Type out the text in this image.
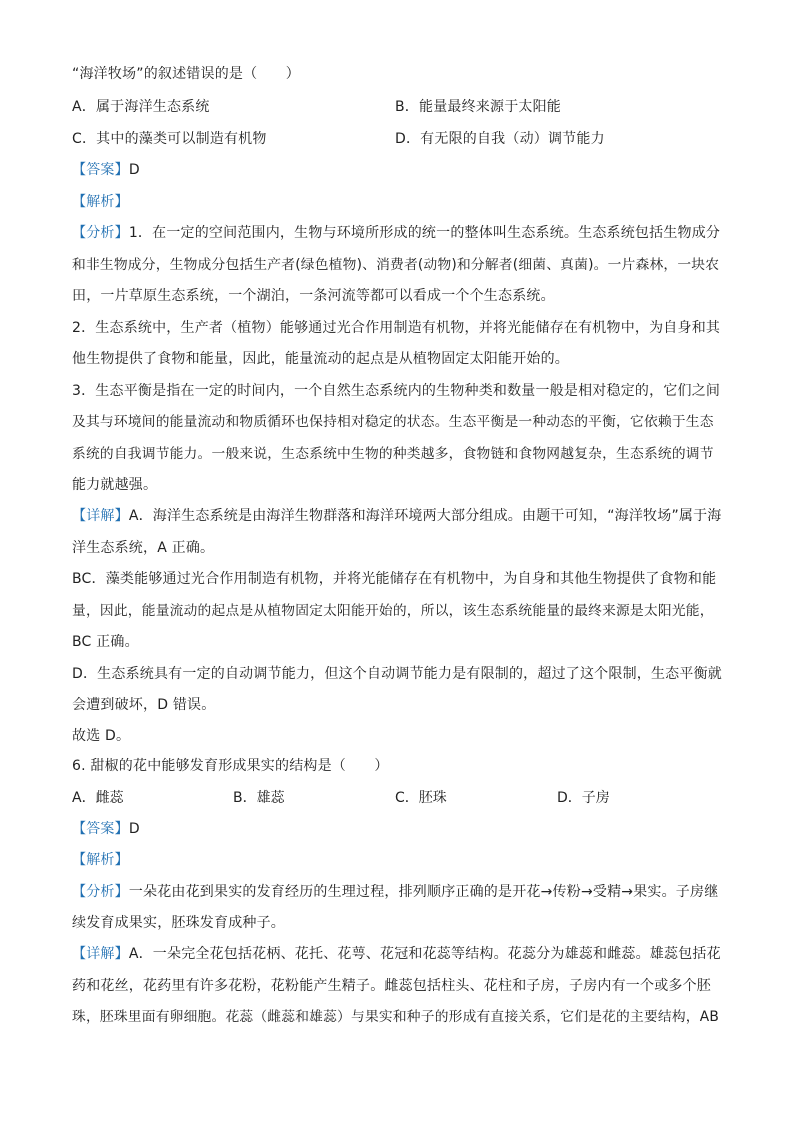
“海洋牧场”的叙述错误的是（　　）
A．属于海洋生态系统	B．能量最终来源于太阳能
C．其中的藻类可以制造有机物	D．有无限的自我（动）调节能力
【答案】D
【解析】
【分析】1．在一定的空间范围内，生物与环境所形成的统一的整体叫生态系统。生态系统包括生物成分
和非生物成分，生物成分包括生产者(绿色植物)、消费者(动物)和分解者(细菌、真菌)。一片森林，一块农
田，一片草原生态系统，一个湖泊，一条河流等都可以看成一个个生态系统。
2．生态系统中，生产者（植物）能够通过光合作用制造有机物，并将光能储存在有机物中，为自身和其
他生物提供了食物和能量，因此，能量流动的起点是从植物固定太阳能开始的。
3．生态平衡是指在一定的时间内，一个自然生态系统内的生物种类和数量一般是相对稳定的，它们之间
及其与环境间的能量流动和物质循环也保持相对稳定的状态。生态平衡是一种动态的平衡，它依赖于生态
系统的自我调节能力。一般来说，生态系统中生物的种类越多，食物链和食物网越复杂，生态系统的调节
能力就越强。
【详解】A．海洋生态系统是由海洋生物群落和海洋环境两大部分组成。由题干可知，“海洋牧场”属于海
洋生态系统，A 正确。
BC．藻类能够通过光合作用制造有机物，并将光能储存在有机物中，为自身和其他生物提供了食物和能
量，因此，能量流动的起点是从植物固定太阳能开始的，所以，该生态系统能量的最终来源是太阳光能，
BC 正确。
D．生态系统具有一定的自动调节能力，但这个自动调节能力是有限制的，超过了这个限制，生态平衡就
会遭到破坏，D 错误。
故选 D。
6. 甜椒的花中能够发育形成果实的结构是（　　）
A．雌蕊	B．雄蕊	C．胚珠	D．子房
【答案】D
【解析】
【分析】一朵花由花到果实的发育经历的生理过程，排列顺序正确的是开花→传粉→受精→果实。子房继
续发育成果实，胚珠发育成种子。
【详解】A．一朵完全花包括花柄、花托、花萼、花冠和花蕊等结构。花蕊分为雄蕊和雌蕊。雄蕊包括花
药和花丝，花药里有许多花粉，花粉能产生精子。雌蕊包括柱头、花柱和子房，子房内有一个或多个胚
珠，胚珠里面有卵细胞。花蕊（雌蕊和雄蕊）与果实和种子的形成有直接关系，它们是花的主要结构，AB
